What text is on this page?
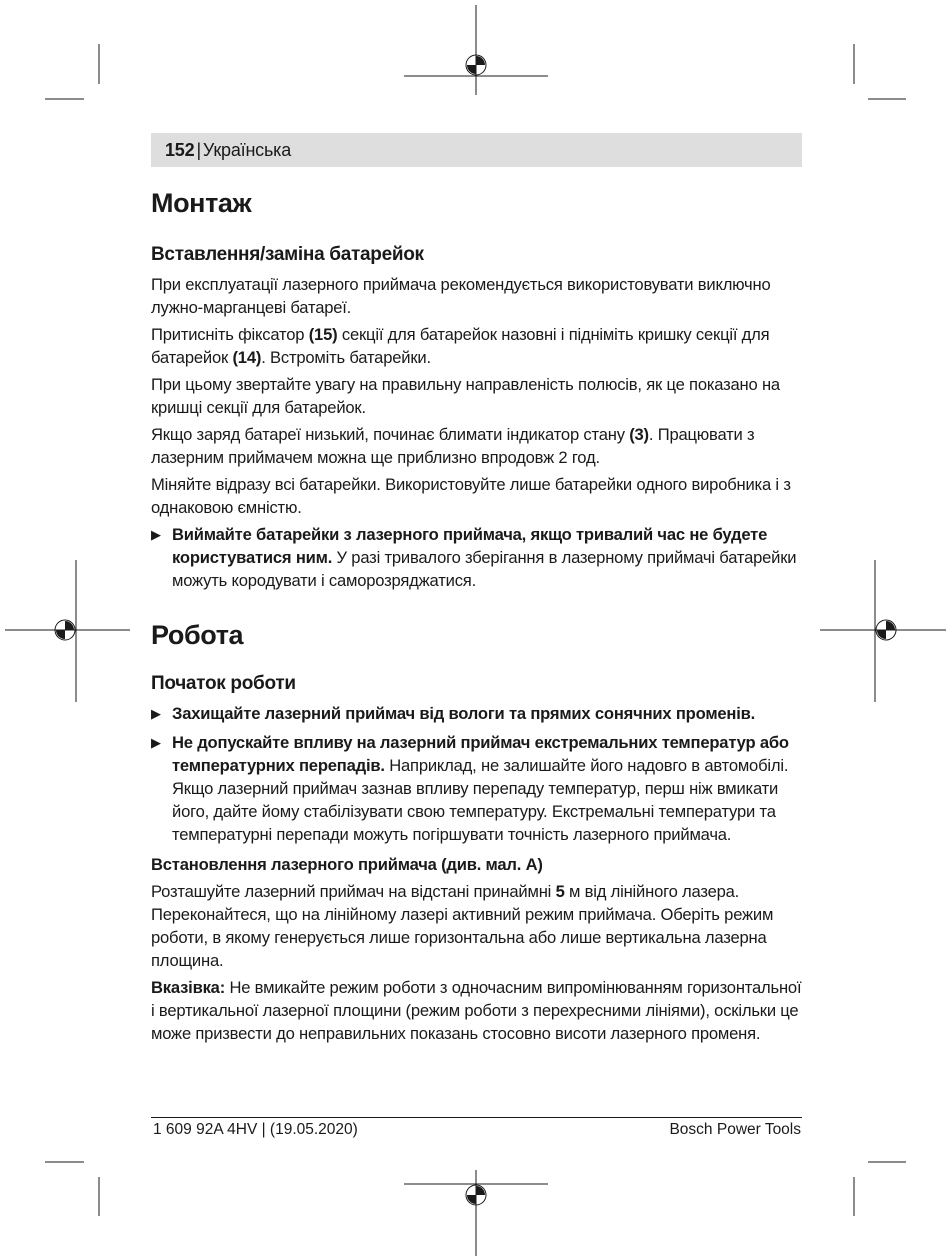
152 | Українська
Монтаж
Вставлення/заміна батарейок

При експлуатації лазерного приймача рекомендується використовувати виключно лужно-марганцеві батареї.

Притисніть фіксатор (15) секції для батарейок назовні і підніміть кришку секції для батарейок (14). Встроміть батарейки.

При цьому звертайте увагу на правильну направленість полюсів, як це показано на кришці секції для батарейок.

Якщо заряд батареї низький, починає блимати індикатор стану (3). Працювати з лазерним приймачем можна ще приблизно впродовж 2 год.

Міняйте відразу всі батарейки. Використовуйте лише батарейки одного виробника і з однаковою ємністю.

▶ Виймайте батарейки з лазерного приймача, якщо тривалий час не будете користуватися ним. У разі тривалого зберігання в лазерному приймачі батарейки можуть кородувати і саморозряджатися.
Робота
Початок роботи
▶ Захищайте лазерний приймач від вологи та прямих сонячних променів.
▶ Не допускайте впливу на лазерний приймач екстремальних температур або температурних перепадів. Наприклад, не залишайте його надовго в автомобілі. Якщо лазерний приймач зазнав впливу перепаду температур, перш ніж вмикати його, дайте йому стабілізувати свою температуру. Екстремальні температури та температурні перепади можуть погіршувати точність лазерного приймача.
Встановлення лазерного приймача (див. мал. A)

Розташуйте лазерний приймач на відстані принаймні 5 м від лінійного лазера. Переконайтеся, що на лінійному лазері активний режим приймача. Оберіть режим роботи, в якому генерується лише горизонтальна або лише вертикальна лазерна площина.

Вказівка: Не вмикайте режим роботи з одночасним випромінюванням горизонтальної і вертикальної лазерної площини (режим роботи з перехресними лініями), оскільки це може призвести до неправильних показань стосовно висоти лазерного променя.

1 609 92A 4HV | (19.05.2020)	Bosch Power Tools
